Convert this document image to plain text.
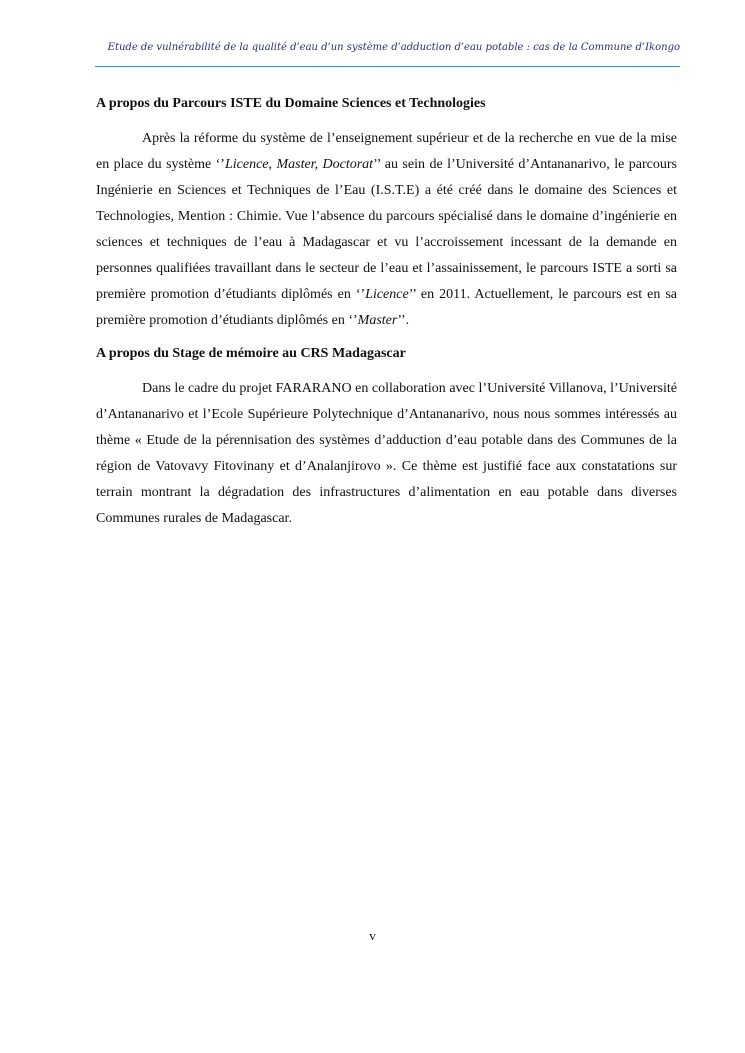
Etude de vulnérabilité de la qualité d’eau d’un système d’adduction d’eau potable : cas de la Commune d’Ikongo
A propos du Parcours ISTE du Domaine Sciences et Technologies

Après la réforme du système de l’enseignement supérieur et de la recherche en vue de la mise en place du système ‘’Licence, Master, Doctorat’’ au sein de l’Université d’Antananarivo, le parcours Ingénierie en Sciences et Techniques de l’Eau (I.S.T.E) a été créé dans le domaine des Sciences et Technologies, Mention : Chimie. Vue l’absence du parcours spécialisé dans le domaine d’ingénierie en sciences et techniques de l’eau à Madagascar et vu l’accroissement incessant de la demande en personnes qualifiées travaillant dans le secteur de l’eau et l’assainissement, le parcours ISTE a sorti sa première promotion d’étudiants diplômés en ‘’Licence’’ en 2011. Actuellement, le parcours est en sa première promotion d’étudiants diplômés en ‘’Master’’.

A propos du Stage de mémoire au CRS Madagascar

Dans le cadre du projet FARARANO en collaboration avec l’Université Villanova, l’Université d’Antananarivo et l’Ecole Supérieure Polytechnique d’Antananarivo, nous nous sommes intéressés au thème « Etude de la pérennisation des systèmes d’adduction d’eau potable dans des Communes de la région de Vatovavy Fitovinany et d’Analanjirovo ». Ce thème est justifié face aux constatations sur terrain montrant la dégradation des infrastructures d’alimentation en eau potable dans diverses Communes rurales de Madagascar.

v
